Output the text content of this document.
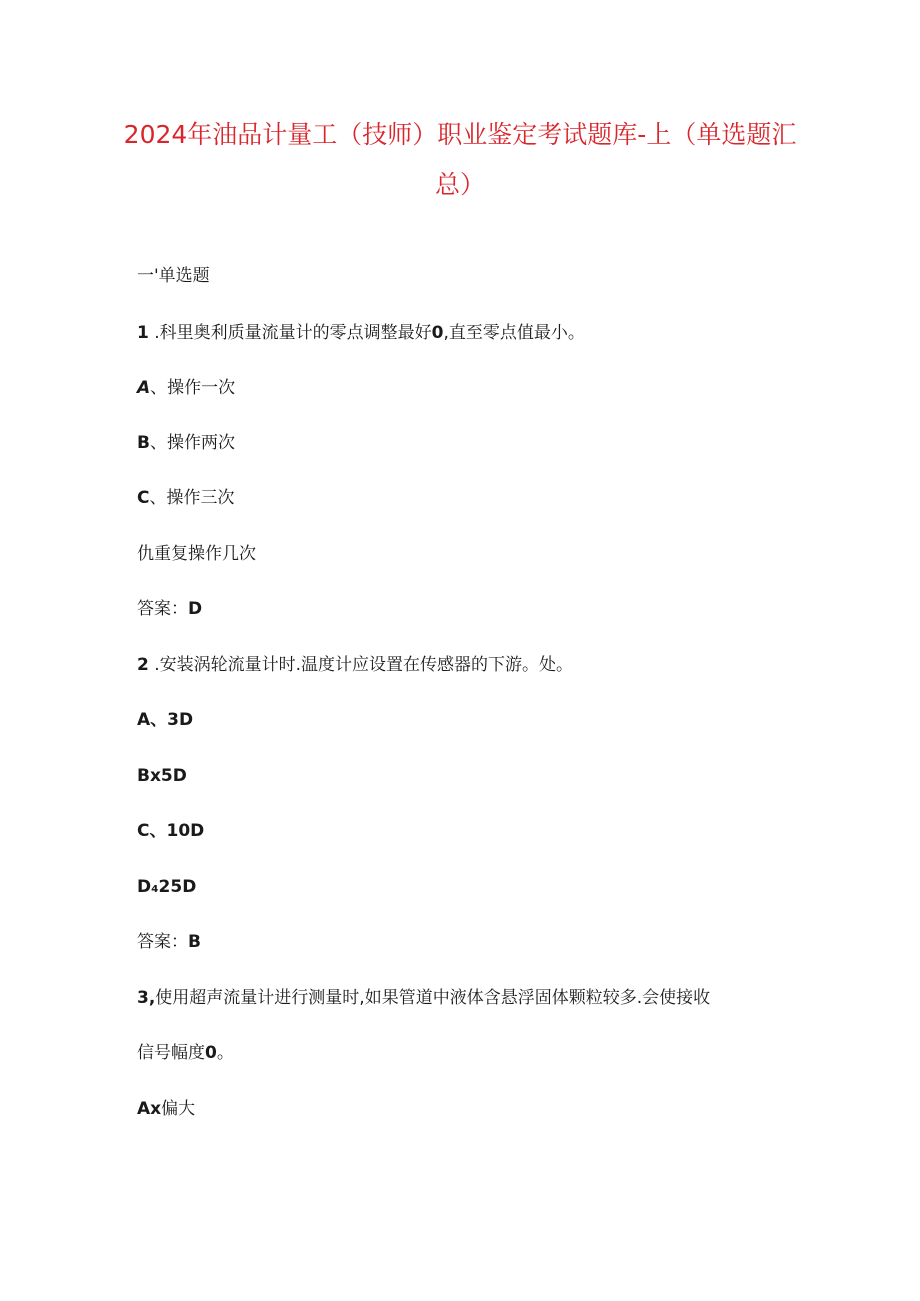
2024年油品计量工（技师）职业鉴定考试题库-上（单选题汇
总）

一'单选题

1 .科里奥利质量流量计的零点调整最好0,直至零点值最小。

A、操作一次

B、操作两次

C、操作三次

仇重复操作几次

答案：D

2 .安装涡轮流量计时.温度计应设置在传感器的下游。处。

A、3D

Bx5D

C、10D

D₄25D

答案：B

3,使用超声流量计进行测量时,如果管道中液体含悬浮固体颗粒较多.会使接收

信号幅度0。

Ax偏大
